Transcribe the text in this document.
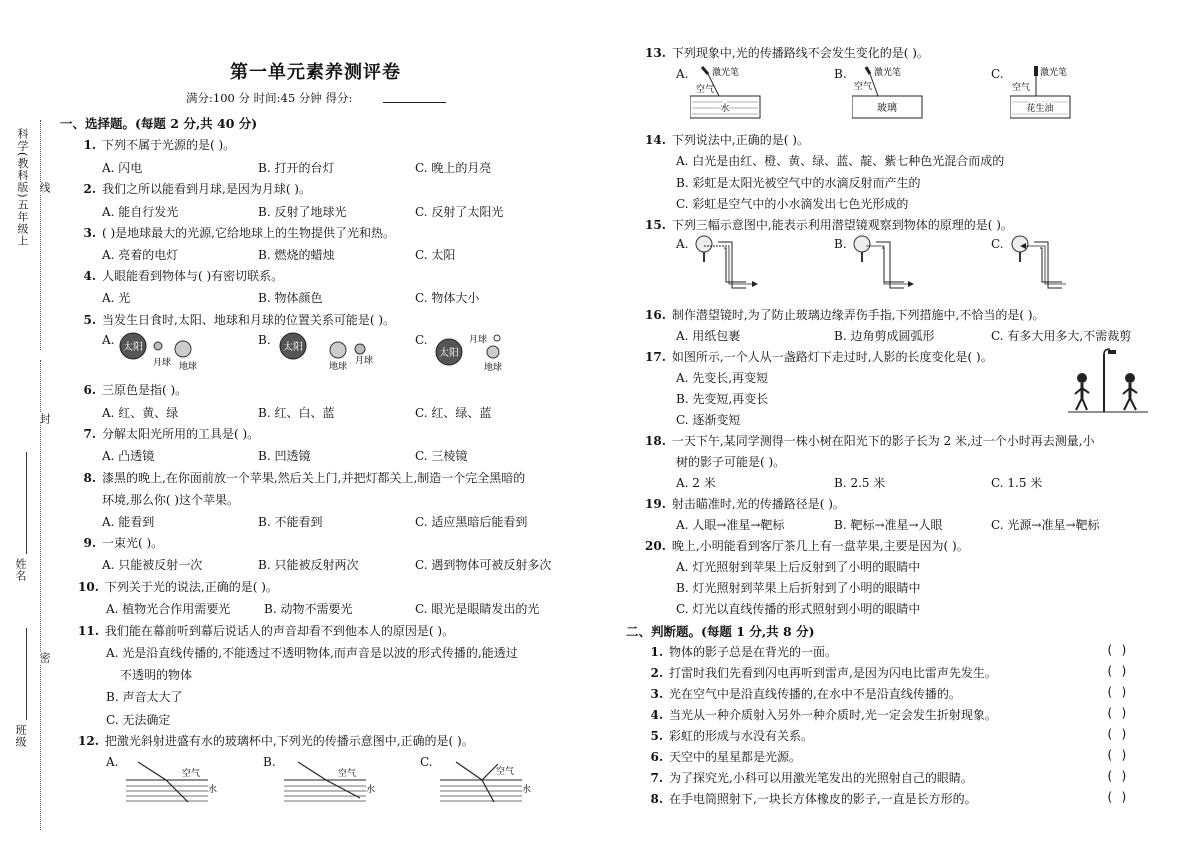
科学(教科版)五年级上 线
封
姓名
密
班级
第一单元素养测评卷
满分:100 分 时间:45 分钟 得分:
一、选择题。(每题 2 分,共 40 分)
1. 下列不属于光源的是( )。
A. 闪电	B. 打开的台灯	C. 晚上的月亮
2. 我们之所以能看到月球,是因为月球( )。
A. 能自行发光	B. 反射了地球光	C. 反射了太阳光
3. ( )是地球最大的光源,它给地球上的生物提供了光和热。
A. 亮着的电灯	B. 燃烧的蜡烛	C. 太阳
4. 人眼能看到物体与( )有密切联系。
A. 光	B. 物体颜色	C. 物体大小
5. 当发生日食时,太阳、地球和月球的位置关系可能是( )。
A.	B.	C.
太阳
月球 地球
太阳
地球
月球
太阳
月球
地球
6. 三原色是指( )。
A. 红、黄、绿	B. 红、白、蓝	C. 红、绿、蓝
7. 分解太阳光所用的工具是( )。
A. 凸透镜	B. 凹透镜	C. 三棱镜
8. 漆黑的晚上,在你面前放一个苹果,然后关上门,并把灯都关上,制造一个完全黑暗的
环境,那么你( )这个苹果。
A. 能看到	B. 不能看到	C. 适应黑暗后能看到
9. 一束光( )。
A. 只能被反射一次	B. 只能被反射两次	C. 遇到物体可被反射多次
10. 下列关于光的说法,正确的是( )。
A. 植物光合作用需要光	B. 动物不需要光	C. 眼光是眼睛发出的光
11. 我们能在幕前听到幕后说话人的声音却看不到他本人的原因是( )。
A. 光是沿直线传播的,不能透过不透明物体,而声音是以波的形式传播的,能透过
不透明的物体
B. 声音太大了
C. 无法确定
12. 把激光斜射进盛有水的玻璃杯中,下列光的传播示意图中,正确的是( )。
A.	B.	C.
空气
水
空气
水
空气
水
13. 下列现象中,光的传播路线不会发生变化的是( )。
A.	B.	C.
激光笔
空气
水
激光笔
空气
玻璃
激光笔
空气
花生油
14. 下列说法中,正确的是( )。
A. 白光是由红、橙、黄、绿、蓝、靛、紫七种色光混合而成的
B. 彩虹是太阳光被空气中的水滴反射而产生的
C. 彩虹是空气中的小水滴发出七色光形成的
15. 下列三幅示意图中,能表示利用潜望镜观察到物体的原理的是( )。
A.	B.	C.
16. 制作潜望镜时,为了防止玻璃边缘弄伤手指,下列措施中,不恰当的是( )。
A. 用纸包裹	B. 边角剪成圆弧形	C. 有多大用多大,不需裁剪
17. 如图所示,一个人从一盏路灯下走过时,人影的长度变化是( )。
A. 先变长,再变短
B. 先变短,再变长
C. 逐渐变短
18. 一天下午,某同学测得一株小树在阳光下的影子长为 2 米,过一个小时再去测量,小
树的影子可能是( )。
A. 2 米	B. 2.5 米	C. 1.5 米
19. 射击瞄准时,光的传播路径是( )。
A. 人眼→准星→靶标	B. 靶标→准星→人眼	C. 光源→准星→靶标
20. 晚上,小明能看到客厅茶几上有一盘苹果,主要是因为( )。
A. 灯光照射到苹果上后反射到了小明的眼睛中
B. 灯光照射到苹果上后折射到了小明的眼睛中
C. 灯光以直线传播的形式照射到小明的眼睛中
二、判断题。(每题 1 分,共 8 分)
1. 物体的影子总是在背光的一面。	( )
2. 打雷时我们先看到闪电再听到雷声,是因为闪电比雷声先发生。	( )
3. 光在空气中是沿直线传播的,在水中不是沿直线传播的。	( )
4. 当光从一种介质射入另外一种介质时,光一定会发生折射现象。	( )
5. 彩虹的形成与水没有关系。	( )
6. 天空中的星星都是光源。	( )
7. 为了探究光,小科可以用激光笔发出的光照射自己的眼睛。	( )
8. 在手电筒照射下,一块长方体橡皮的影子,一直是长方形的。	( )
